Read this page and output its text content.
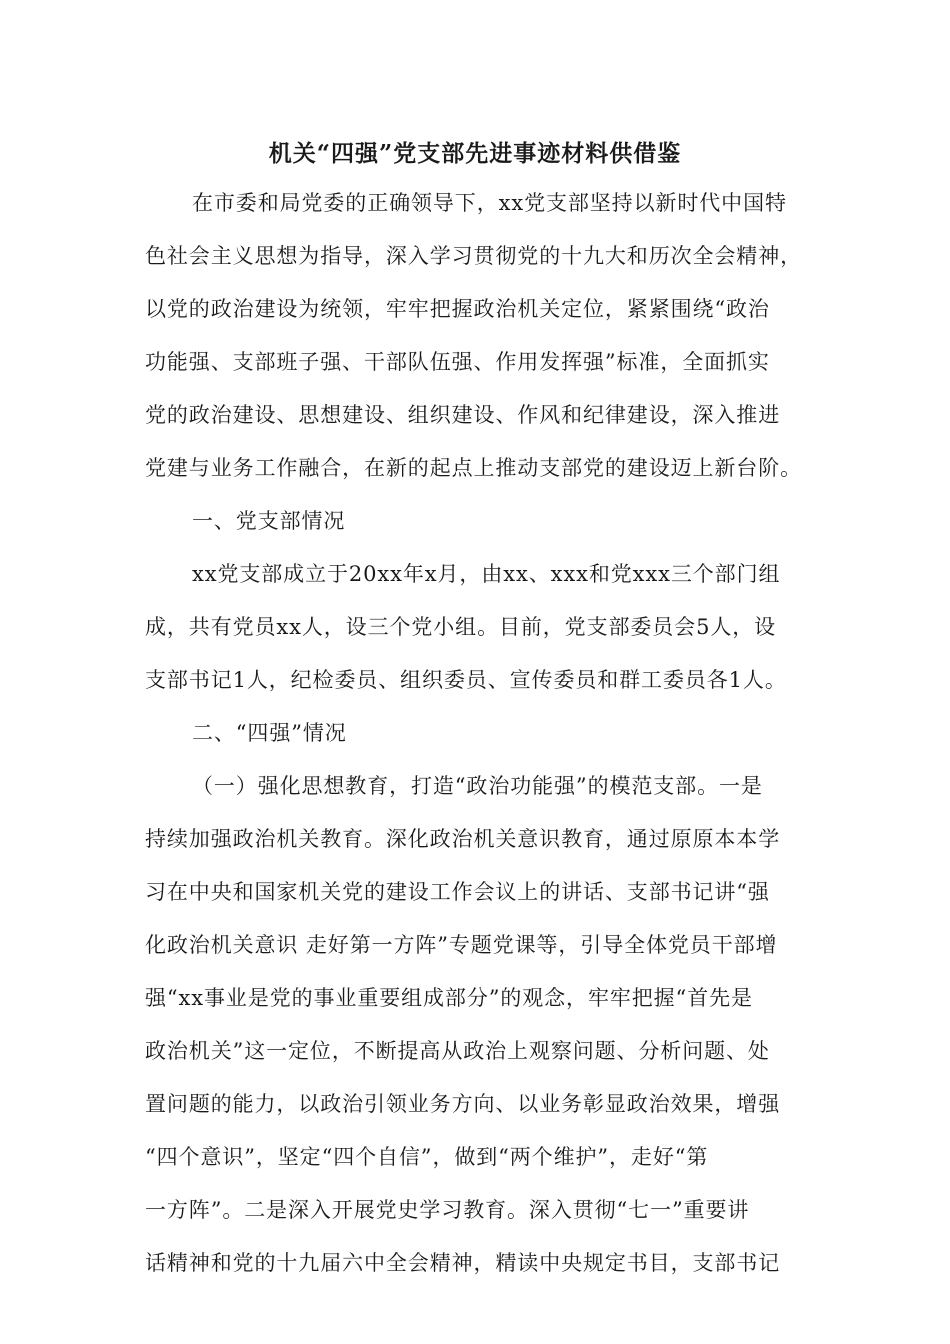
机关“四强”党支部先进事迹材料供借鉴
在市委和局党委的正确领导下，xx党支部坚持以新时代中国特
色社会主义思想为指导，深入学习贯彻党的十九大和历次全会精神，
以党的政治建设为统领，牢牢把握政治机关定位，紧紧围绕“政治
功能强、支部班子强、干部队伍强、作用发挥强”标准，全面抓实
党的政治建设、思想建设、组织建设、作风和纪律建设，深入推进
党建与业务工作融合，在新的起点上推动支部党的建设迈上新台阶。
一、党支部情况
xx党支部成立于20xx年x月，由xx、xxx和党xxx三个部门组
成，共有党员xx人，设三个党小组。目前，党支部委员会5人，设
支部书记1人，纪检委员、组织委员、宣传委员和群工委员各1人。
二、“四强”情况
（一）强化思想教育，打造“政治功能强”的模范支部。一是
持续加强政治机关教育。深化政治机关意识教育，通过原原本本学
习在中央和国家机关党的建设工作会议上的讲话、支部书记讲“强
化政治机关意识 走好第一方阵”专题党课等，引导全体党员干部增
强“xx事业是党的事业重要组成部分”的观念，牢牢把握“首先是
政治机关”这一定位，不断提高从政治上观察问题、分析问题、处
置问题的能力，以政治引领业务方向、以业务彰显政治效果，增强
“四个意识”，坚定“四个自信”，做到“两个维护”，走好“第
一方阵”。二是深入开展党史学习教育。深入贯彻“七一”重要讲
话精神和党的十九届六中全会精神，精读中央规定书目，支部书记
